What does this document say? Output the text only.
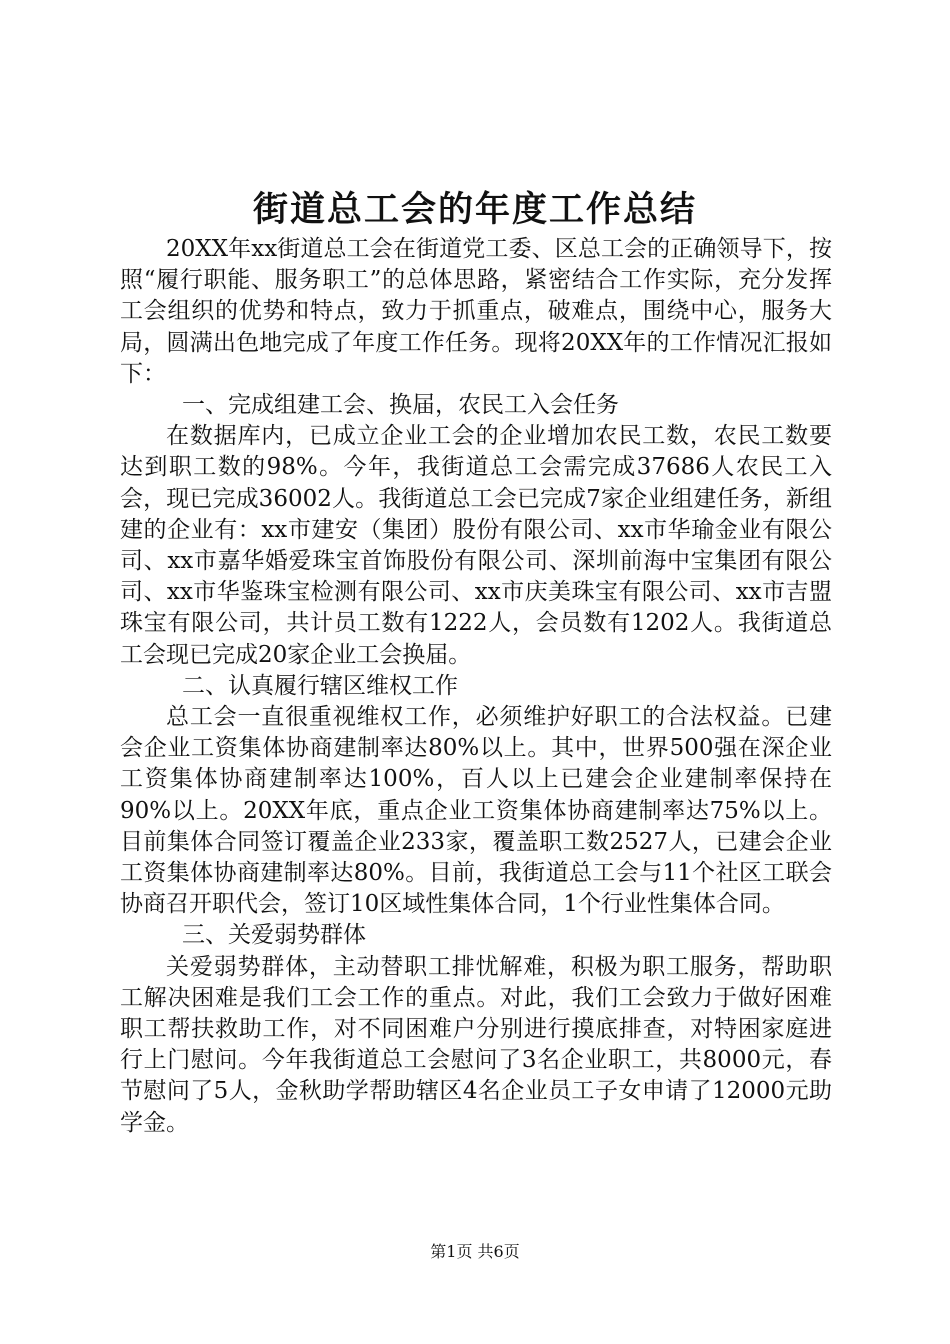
街道总工会的年度工作总结

20XX年xx街道总工会在街道党工委、区总工会的正确领导下，按照“履行职能、服务职工”的总体思路，紧密结合工作实际，充分发挥工会组织的优势和特点，致力于抓重点，破难点，围绕中心，服务大局，圆满出色地完成了年度工作任务。现将20XX年的工作情况汇报如下：

一、完成组建工会、换届，农民工入会任务

在数据库内，已成立企业工会的企业增加农民工数，农民工数要达到职工数的98%。今年，我街道总工会需完成37686人农民工入会，现已完成36002人。我街道总工会已完成7家企业组建任务，新组建的企业有：xx市建安（集团）股份有限公司、xx市华瑜金业有限公司、xx市嘉华婚爱珠宝首饰股份有限公司、深圳前海中宝集团有限公司、xx市华鉴珠宝检测有限公司、xx市庆美珠宝有限公司、xx市吉盟珠宝有限公司，共计员工数有1222人，会员数有1202人。我街道总工会现已完成20家企业工会换届。

二、认真履行辖区维权工作

总工会一直很重视维权工作，必须维护好职工的合法权益。已建会企业工资集体协商建制率达80%以上。其中，世界500强在深企业工资集体协商建制率达100%，百人以上已建会企业建制率保持在90%以上。20XX年底，重点企业工资集体协商建制率达75%以上。目前集体合同签订覆盖企业233家，覆盖职工数2527人，已建会企业工资集体协商建制率达80%。目前，我街道总工会与11个社区工联会协商召开职代会，签订10区域性集体合同，1个行业性集体合同。

三、关爱弱势群体

关爱弱势群体，主动替职工排忧解难，积极为职工服务，帮助职工解决困难是我们工会工作的重点。对此，我们工会致力于做好困难职工帮扶救助工作，对不同困难户分别进行摸底排查，对特困家庭进行上门慰问。今年我街道总工会慰问了3名企业职工，共8000元，春节慰问了5人，金秋助学帮助辖区4名企业员工子女申请了12000元助学金。

第1页 共6页
